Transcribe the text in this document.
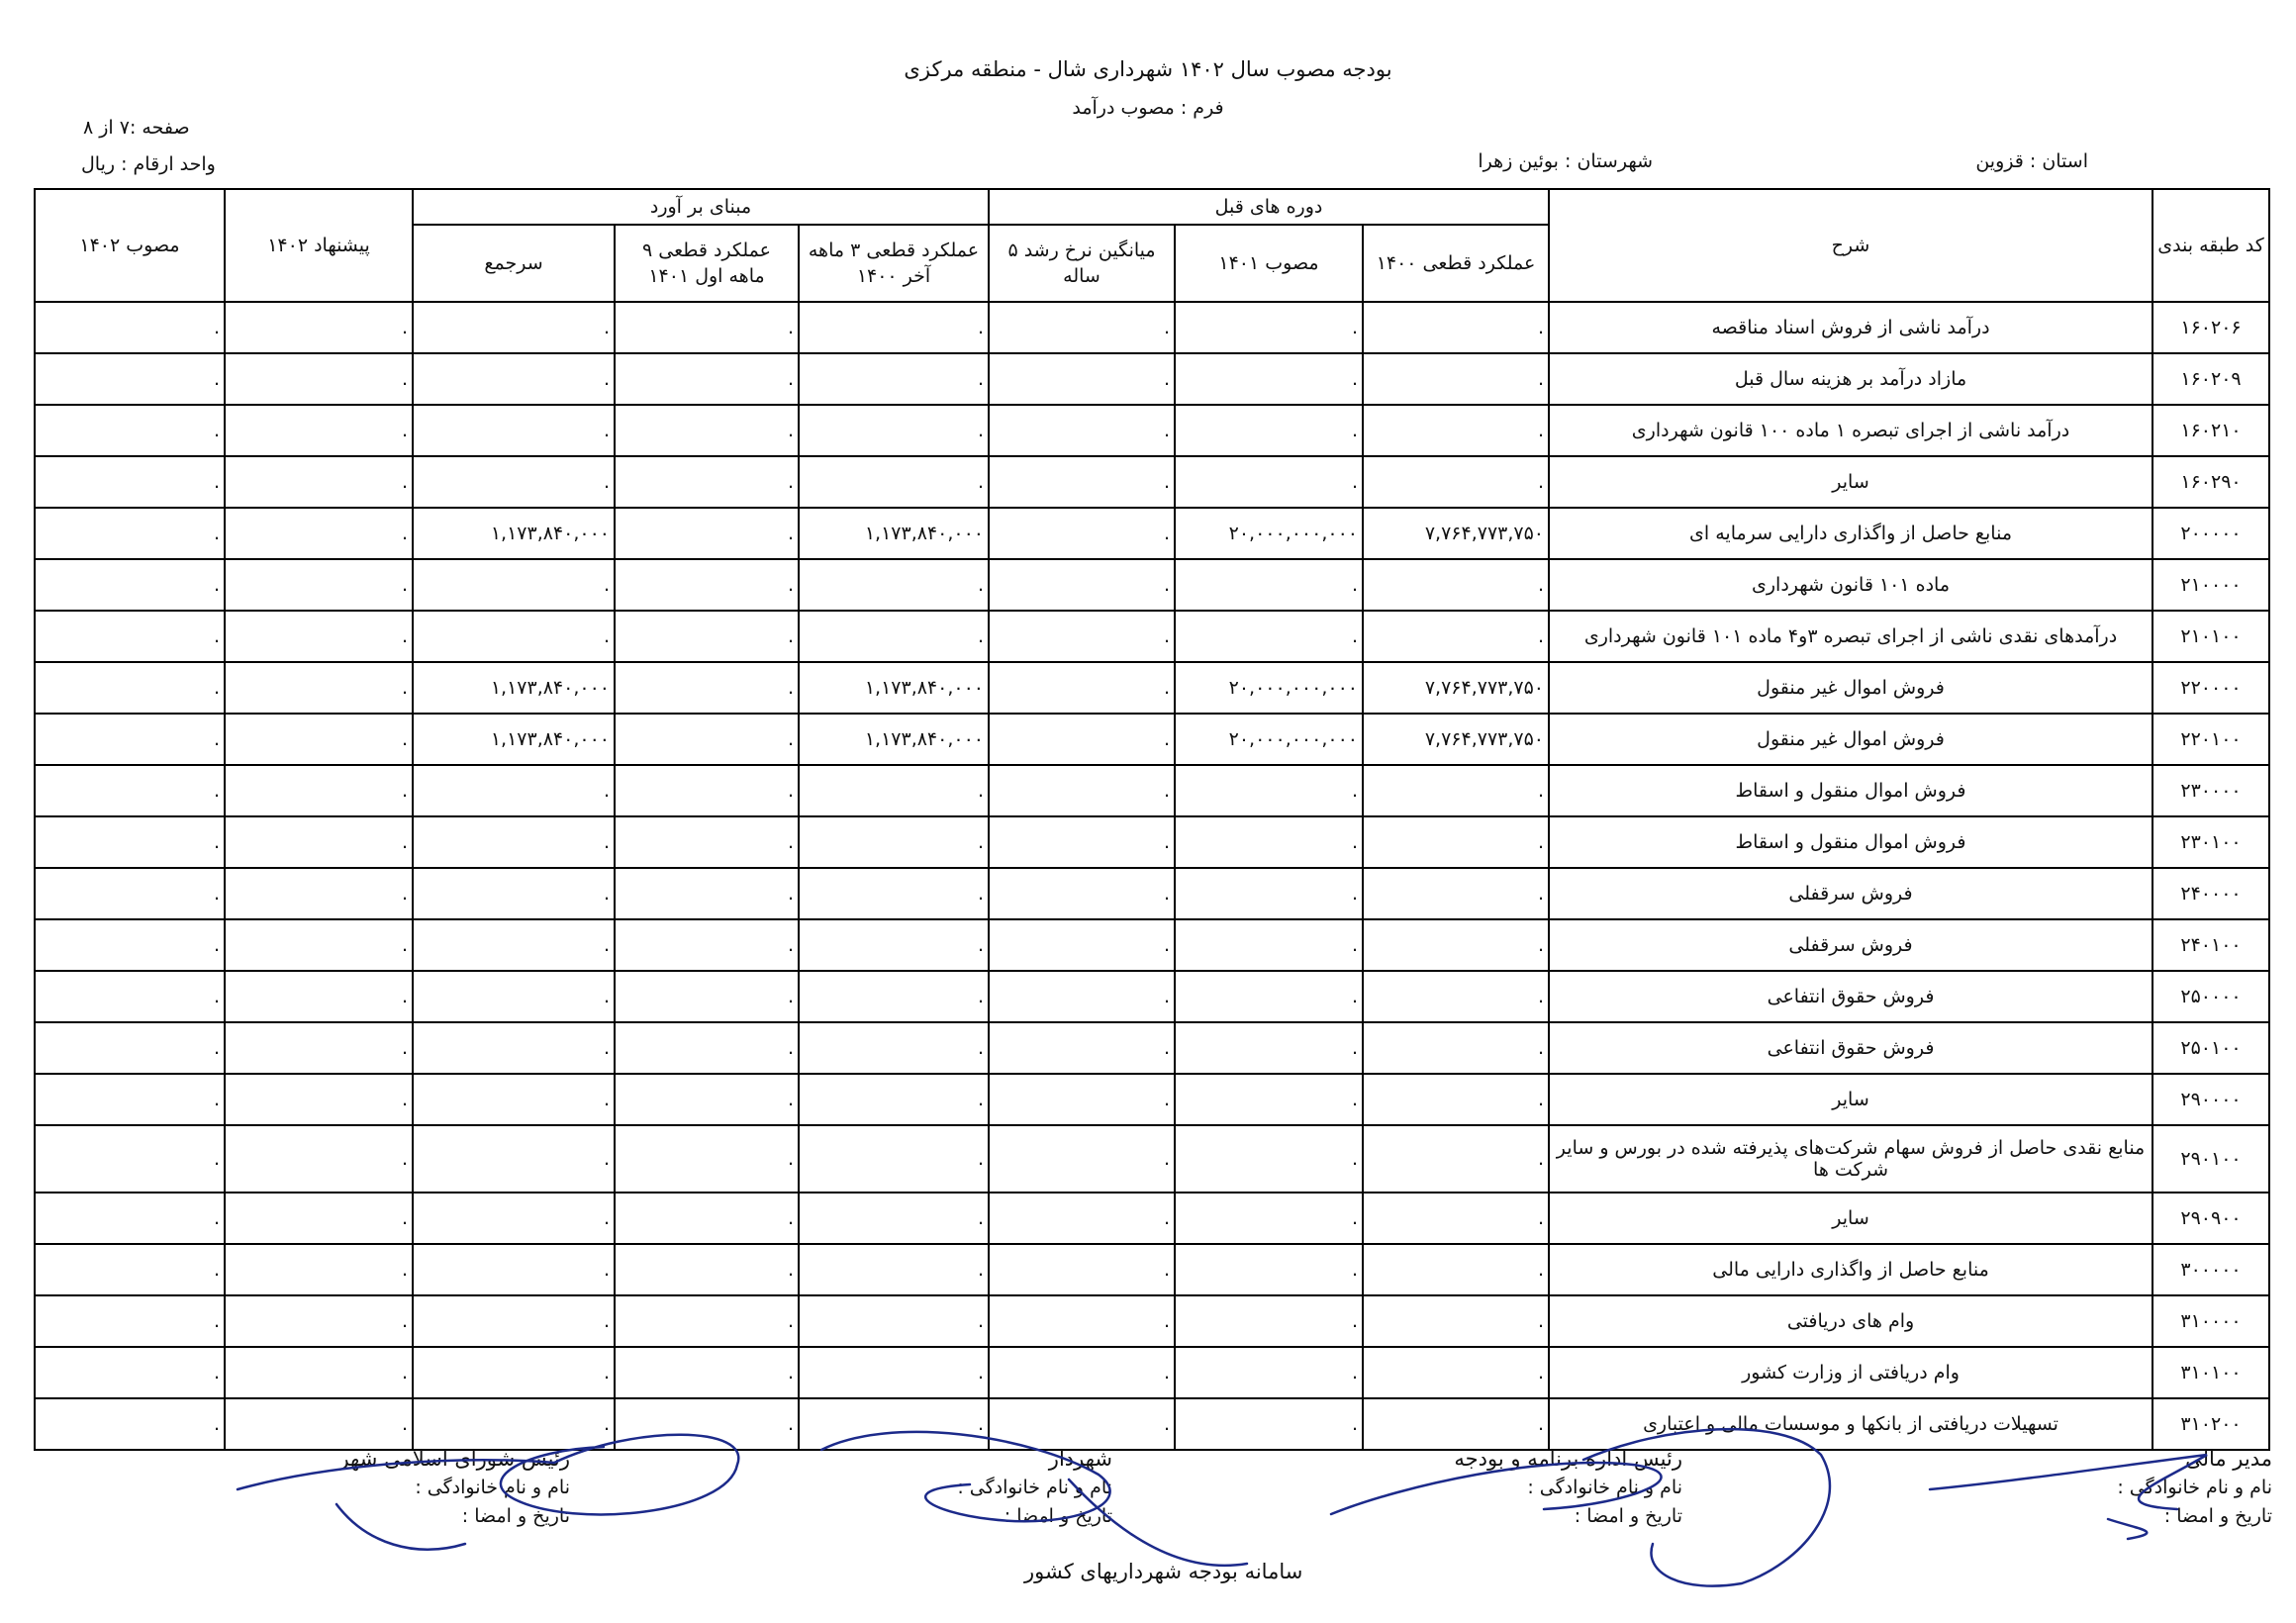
بودجه مصوب سال ۱۴۰۲ شهرداری شال - منطقه مرکزی
فرم : مصوب درآمد
صفحه :۷ از ۸
واحد ارقام : ریال	استان : قزوین
شهرستان : بوئین زهرا
مصوب ۱۴۰۲	پیشنهاد ۱۴۰۲	مبنای بر آورد			دوره های قبل			شرح	کد طبقه بندی
		سرجمع	عملکرد قطعی ۹ ماهه اول ۱۴۰۱	عملکرد قطعی ۳ ماهه آخر ۱۴۰۰	میانگین نرخ رشد ۵ ساله	مصوب ۱۴۰۱	عملکرد قطعی ۱۴۰۰		

.	.	.	.	.	.	.	.	درآمد ناشی از فروش اسناد مناقصه	۱۶۰۲۰۶

.	.	.	.	.	.	.	.	مازاد درآمد بر هزینه سال قبل	۱۶۰۲۰۹

.	.	.	.	.	.	.	.	درآمد ناشی از اجرای تبصره ۱ ماده ۱۰۰ قانون شهرداری	۱۶۰۲۱۰

.	.	.	.	.	.	.	.	سایر	۱۶۰۲۹۰

.	.	۱,۱۷۳,۸۴۰,۰۰۰	.	۱,۱۷۳,۸۴۰,۰۰۰	.	۲۰,۰۰۰,۰۰۰,۰۰۰	۷,۷۶۴,۷۷۳,۷۵۰	منابع حاصل از واگذاری دارایی سرمایه ای	۲۰۰۰۰۰

.	.	.	.	.	.	.	.	ماده ۱۰۱ قانون شهرداری	۲۱۰۰۰۰

.	.	.	.	.	.	.	.	درآمدهای نقدی ناشی از اجرای تبصره ۳و۴ ماده ۱۰۱ قانون شهرداری	۲۱۰۱۰۰

.	.	۱,۱۷۳,۸۴۰,۰۰۰	.	۱,۱۷۳,۸۴۰,۰۰۰	.	۲۰,۰۰۰,۰۰۰,۰۰۰	۷,۷۶۴,۷۷۳,۷۵۰	فروش اموال غیر منقول	۲۲۰۰۰۰

.	.	۱,۱۷۳,۸۴۰,۰۰۰	.	۱,۱۷۳,۸۴۰,۰۰۰	.	۲۰,۰۰۰,۰۰۰,۰۰۰	۷,۷۶۴,۷۷۳,۷۵۰	فروش اموال غیر منقول	۲۲۰۱۰۰

.	.	.	.	.	.	.	.	فروش اموال منقول و اسقاط	۲۳۰۰۰۰

.	.	.	.	.	.	.	.	فروش اموال منقول و اسقاط	۲۳۰۱۰۰

.	.	.	.	.	.	.	.	فروش سرقفلی	۲۴۰۰۰۰

.	.	.	.	.	.	.	.	فروش سرقفلی	۲۴۰۱۰۰

.	.	.	.	.	.	.	.	فروش حقوق انتفاعی	۲۵۰۰۰۰

.	.	.	.	.	.	.	.	فروش حقوق انتفاعی	۲۵۰۱۰۰

.	.	.	.	.	.	.	.	سایر	۲۹۰۰۰۰

.	.	.	.	.	.	.	.	منابع نقدی حاصل از فروش سهام شرکت‌های پذیرفته شده در بورس و سایر شرکت ها	۲۹۰۱۰۰

.	.	.	.	.	.	.	.	سایر	۲۹۰۹۰۰

.	.	.	.	.	.	.	.	منابع حاصل از واگذاری دارایی مالی	۳۰۰۰۰۰

.	.	.	.	.	.	.	.	وام های دریافتی	۳۱۰۰۰۰

.	.	.	.	.	.	.	.	وام دریافتی از وزارت کشور	۳۱۰۱۰۰

.	.	.	.	.	.	.	.	تسهیلات دریافتی از بانکها و موسسات مالی و اعتباری	۳۱۰۲۰۰
مدیر مالی
نام و نام خانوادگی :
تاریخ و امضا :
رئیس اداره برنامه و بودجه
نام و نام خانوادگی :
تاریخ و امضا :
شهردار
نام و نام خانوادگی :
تاریخ و امضا :
رئیس شورای اسلامی شهر
نام و نام خانوادگی :
تاریخ و امضا :
سامانه بودجه شهرداریهای کشور
